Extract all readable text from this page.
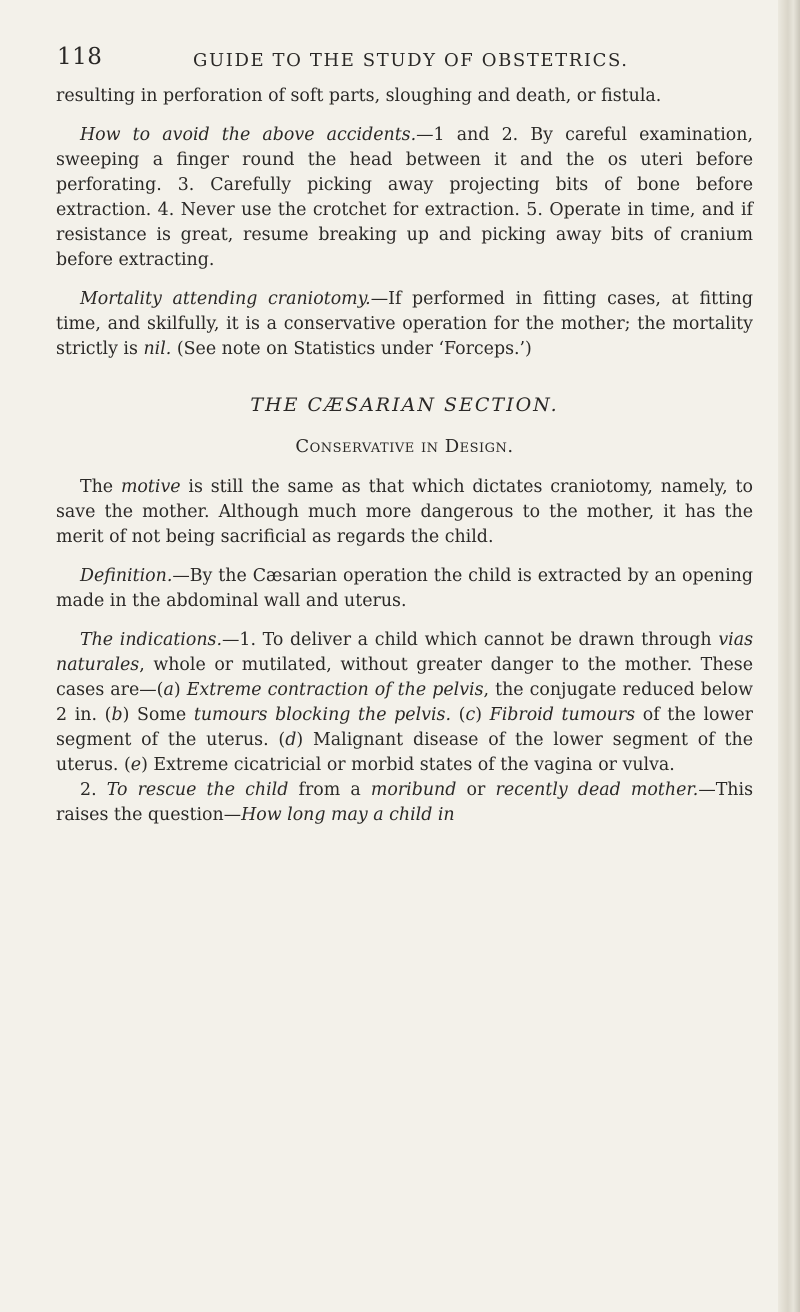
118	GUIDE TO THE STUDY OF OBSTETRICS.

resulting in perforation of soft parts, sloughing and death, or fistula.

How to avoid the above accidents.—1 and 2. By careful examination, sweeping a finger round the head between it and the os uteri before perforating. 3. Carefully picking away projecting bits of bone before extraction. 4. Never use the crotchet for extraction. 5. Operate in time, and if resistance is great, resume breaking up and picking away bits of cranium before extracting.

Mortality attending craniotomy.—If performed in fitting cases, at fitting time, and skilfully, it is a conservative operation for the mother; the mortality strictly is nil. (See note on Statistics under ‘Forceps.’)

THE CÆSARIAN SECTION.

Conservative in Design.

The motive is still the same as that which dictates craniotomy, namely, to save the mother. Although much more dangerous to the mother, it has the merit of not being sacrificial as regards the child.

Definition.—By the Cæsarian operation the child is extracted by an opening made in the abdominal wall and uterus.

The indications.—1. To deliver a child which cannot be drawn through vias naturales, whole or mutilated, without greater danger to the mother. These cases are—(a) Extreme contraction of the pelvis, the conjugate reduced below 2 in. (b) Some tumours blocking the pelvis. (c) Fibroid tumours of the lower segment of the uterus. (d) Malignant disease of the lower segment of the uterus. (e) Extreme cicatricial or morbid states of the vagina or vulva.

2. To rescue the child from a moribund or recently dead mother.—This raises the question—How long may a child in
